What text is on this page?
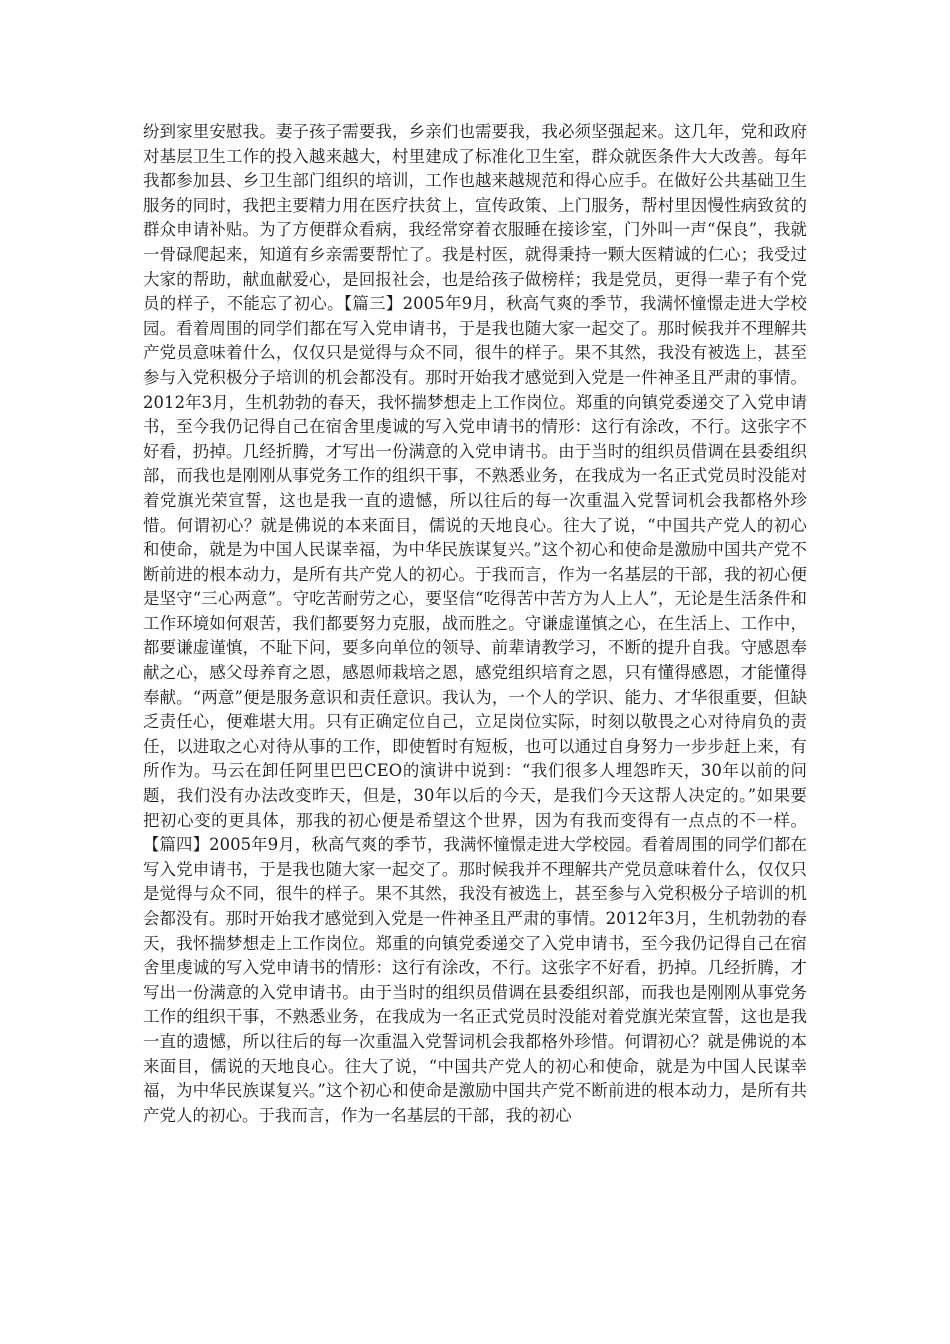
纷到家里安慰我。妻子孩子需要我，乡亲们也需要我，我必须坚强起来。这几年，党和政府对基层卫生工作的投入越来越大，村里建成了标准化卫生室，群众就医条件大大改善。每年我都参加县、乡卫生部门组织的培训，工作也越来越规范和得心应手。在做好公共基础卫生服务的同时，我把主要精力用在医疗扶贫上，宣传政策、上门服务，帮村里因慢性病致贫的群众申请补贴。为了方便群众看病，我经常穿着衣服睡在接诊室，门外叫一声“保良”，我就一骨碌爬起来，知道有乡亲需要帮忙了。我是村医，就得秉持一颗大医精诚的仁心；我受过大家的帮助，献血献爱心，是回报社会，也是给孩子做榜样；我是党员，更得一辈子有个党员的样子，不能忘了初心。【篇三】2005年9月，秋高气爽的季节，我满怀憧憬走进大学校园。看着周围的同学们都在写入党申请书，于是我也随大家一起交了。那时候我并不理解共产党员意味着什么，仅仅只是觉得与众不同，很牛的样子。果不其然，我没有被选上，甚至参与入党积极分子培训的机会都没有。那时开始我才感觉到入党是一件神圣且严肃的事情。2012年3月，生机勃勃的春天，我怀揣梦想走上工作岗位。郑重的向镇党委递交了入党申请书，至今我仍记得自己在宿舍里虔诚的写入党申请书的情形：这行有涂改，不行。这张字不好看，扔掉。几经折腾，才写出一份满意的入党申请书。由于当时的组织员借调在县委组织部，而我也是刚刚从事党务工作的组织干事，不熟悉业务，在我成为一名正式党员时没能对着党旗光荣宣誓，这也是我一直的遗憾，所以往后的每一次重温入党誓词机会我都格外珍惜。何谓初心？就是佛说的本来面目，儒说的天地良心。往大了说，“中国共产党人的初心和使命，就是为中国人民谋幸福，为中华民族谋复兴。”这个初心和使命是激励中国共产党不断前进的根本动力，是所有共产党人的初心。于我而言，作为一名基层的干部，我的初心便是坚守“三心两意”。守吃苦耐劳之心，要坚信“吃得苦中苦方为人上人”，无论是生活条件和工作环境如何艰苦，我们都要努力克服，战而胜之。守谦虚谨慎之心，在生活上、工作中，都要谦虚谨慎，不耻下问，要多向单位的领导、前辈请教学习，不断的提升自我。守感恩奉献之心，感父母养育之恩，感恩师栽培之恩，感党组织培育之恩，只有懂得感恩，才能懂得奉献。“两意”便是服务意识和责任意识。我认为，一个人的学识、能力、才华很重要，但缺乏责任心，便难堪大用。只有正确定位自己，立足岗位实际，时刻以敬畏之心对待肩负的责任，以进取之心对待从事的工作，即使暂时有短板，也可以通过自身努力一步步赶上来，有所作为。马云在卸任阿里巴巴CEO的演讲中说到：“我们很多人埋怨昨天，30年以前的问题，我们没有办法改变昨天，但是，30年以后的今天，是我们今天这帮人决定的。”如果要把初心变的更具体，那我的初心便是希望这个世界，因为有我而变得有一点点的不一样。【篇四】2005年9月，秋高气爽的季节，我满怀憧憬走进大学校园。看着周围的同学们都在写入党申请书，于是我也随大家一起交了。那时候我并不理解共产党员意味着什么，仅仅只是觉得与众不同，很牛的样子。果不其然，我没有被选上，甚至参与入党积极分子培训的机会都没有。那时开始我才感觉到入党是一件神圣且严肃的事情。2012年3月，生机勃勃的春天，我怀揣梦想走上工作岗位。郑重的向镇党委递交了入党申请书，至今我仍记得自己在宿舍里虔诚的写入党申请书的情形：这行有涂改，不行。这张字不好看，扔掉。几经折腾，才写出一份满意的入党申请书。由于当时的组织员借调在县委组织部，而我也是刚刚从事党务工作的组织干事，不熟悉业务，在我成为一名正式党员时没能对着党旗光荣宣誓，这也是我一直的遗憾，所以往后的每一次重温入党誓词机会我都格外珍惜。何谓初心？就是佛说的本来面目，儒说的天地良心。往大了说，“中国共产党人的初心和使命，就是为中国人民谋幸福，为中华民族谋复兴。”这个初心和使命是激励中国共产党不断前进的根本动力，是所有共产党人的初心。于我而言，作为一名基层的干部，我的初心
